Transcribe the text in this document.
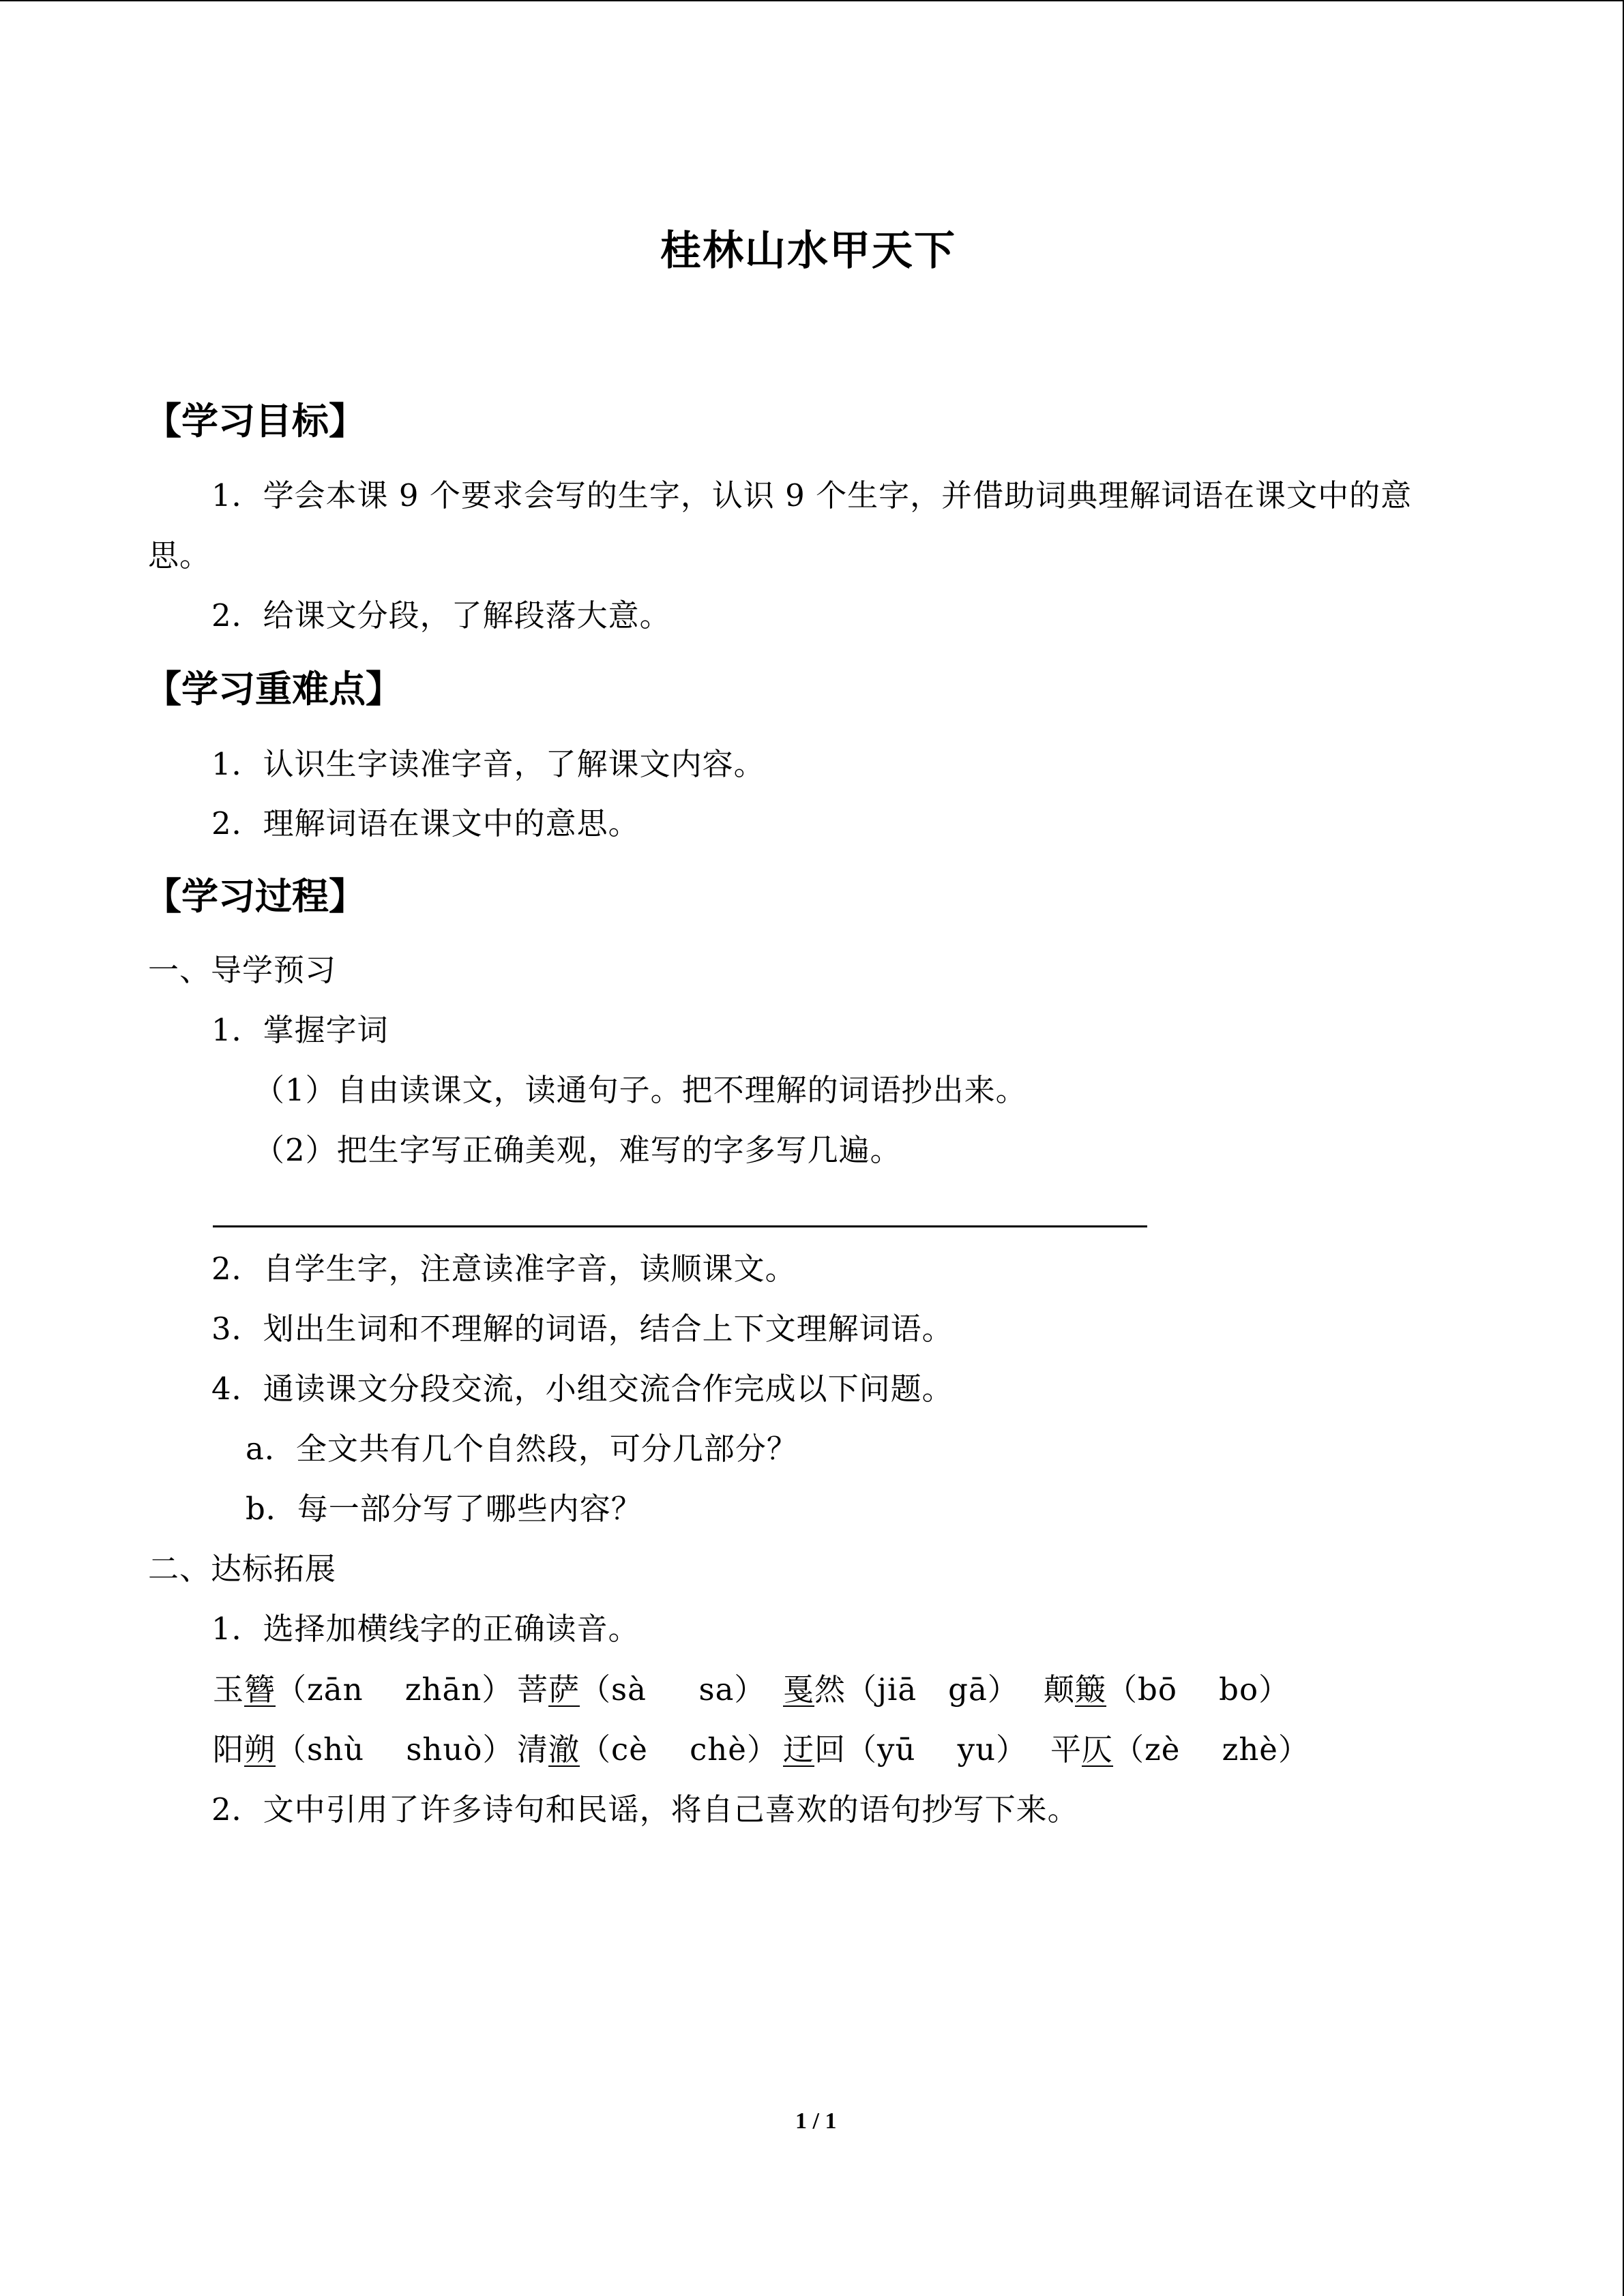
桂林山水甲天下
【学习目标】
1．学会本课 9 个要求会写的生字，认识 9 个生字，并借助词典理解词语在课文中的意
思。
2．给课文分段，了解段落大意。
【学习重难点】
1．认识生字读准字音，了解课文内容。
2．理解词语在课文中的意思。
【学习过程】
一、导学预习
1．掌握字词
（1）自由读课文，读通句子。把不理解的词语抄出来。
（2）把生字写正确美观，难写的字多写几遍。
2．自学生字，注意读准字音，读顺课文。
3．划出生词和不理解的词语，结合上下文理解词语。
4．通读课文分段交流，小组交流合作完成以下问题。
a．全文共有几个自然段，可分几部分？
b．每一部分写了哪些内容？
二、达标拓展
1．选择加横线字的正确读音。
玉簪（zān zhān） 菩萨（sà sa） 戛然（jiā gā） 颠簸（bō bo）
阳朔（shù shuò） 清澈（cè chè） 迂回（yū yu） 平仄（zè zhè）
2．文中引用了许多诗句和民谣，将自己喜欢的语句抄写下来。
1 / 1
